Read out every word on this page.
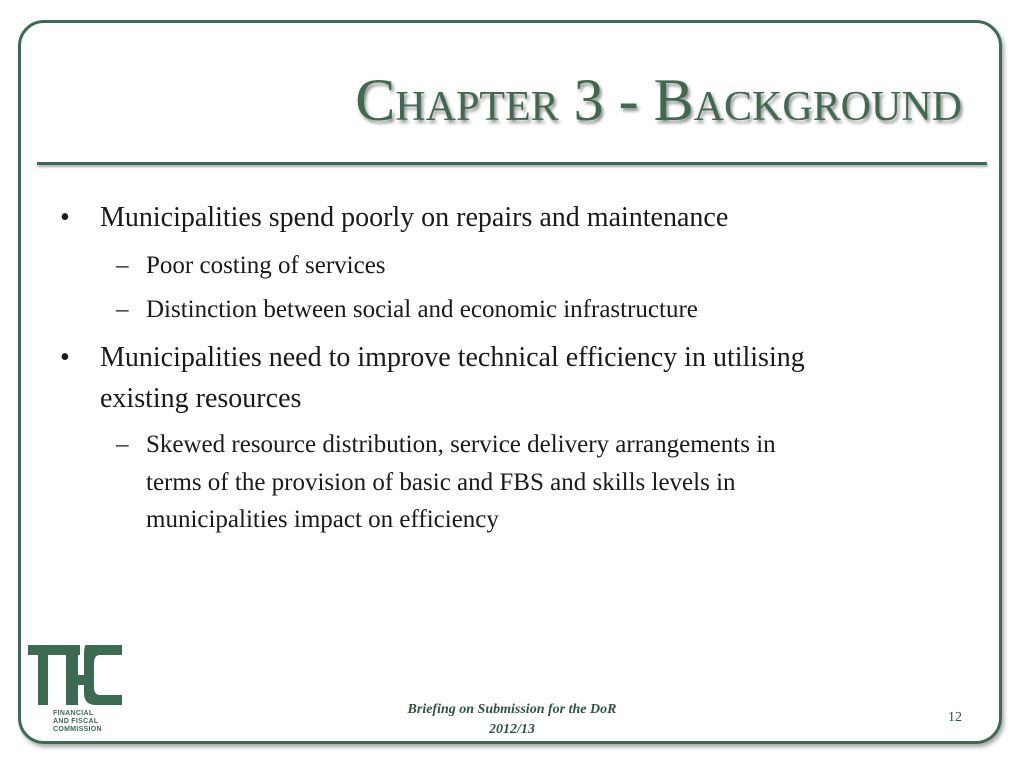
Chapter 3 - Background
• Municipalities spend poorly on repairs and maintenance
– Poor costing of services
– Distinction between social and economic infrastructure
• Municipalities need to improve technical efficiency in utilising
existing resources
– Skewed resource distribution, service delivery arrangements in
terms of the provision of basic and FBS and skills levels in
municipalities impact on efficiency
FINANCIAL
AND FISCAL
COMMISSION
Briefing on Submission for the DoR
2012/13
12
